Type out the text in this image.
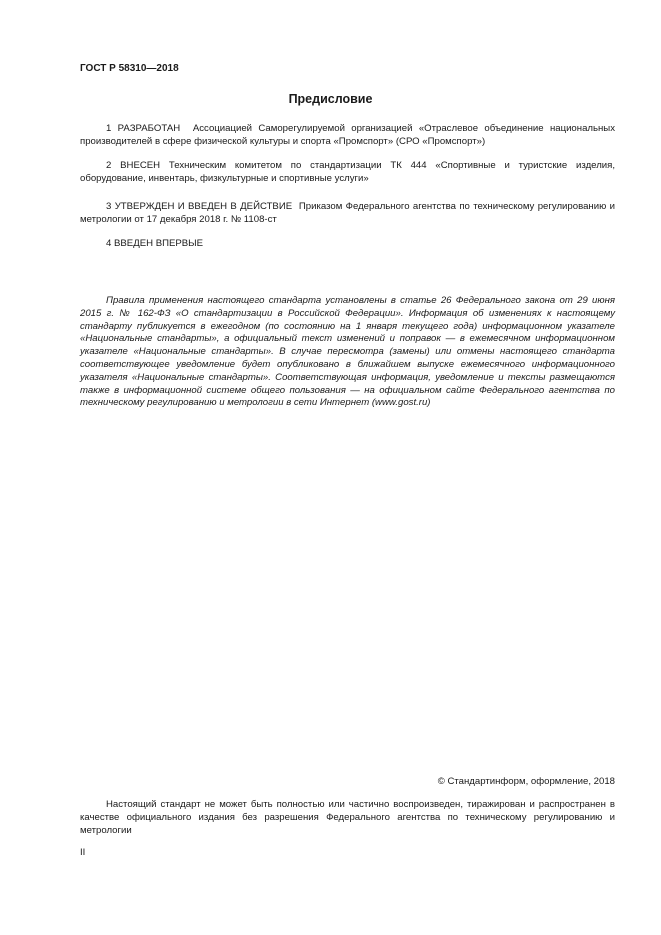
ГОСТ Р 58310—2018
Предисловие

1 РАЗРАБОТАН Ассоциацией Саморегулируемой организацией «Отраслевое объединение национальных производителей в сфере физической культуры и спорта «Промспорт» (СРО «Промспорт»)

2 ВНЕСЕН Техническим комитетом по стандартизации ТК 444 «Спортивные и туристские изделия, оборудование, инвентарь, физкультурные и спортивные услуги»

3 УТВЕРЖДЕН И ВВЕДЕН В ДЕЙСТВИЕ Приказом Федерального агентства по техническому регулированию и метрологии от 17 декабря 2018 г. № 1108-ст

4 ВВЕДЕН ВПЕРВЫЕ

Правила применения настоящего стандарта установлены в статье 26 Федерального закона от 29 июня 2015 г. № 162-ФЗ «О стандартизации в Российской Федерации». Информация об изменениях к настоящему стандарту публикуется в ежегодном (по состоянию на 1 января текущего года) информационном указателе «Национальные стандарты», а официальный текст изменений и поправок — в ежемесячном информационном указателе «Национальные стандарты». В случае пересмотра (замены) или отмены настоящего стандарта соответствующее уведомление будет опубликовано в ближайшем выпуске ежемесячного информационного указателя «Национальные стандарты». Соответствующая информация, уведомление и тексты размещаются также в информационной системе общего пользования — на официальном сайте Федерального агентства по техническому регулированию и метрологии в сети Интернет (www.gost.ru)

© Стандартинформ, оформление, 2018

Настоящий стандарт не может быть полностью или частично воспроизведен, тиражирован и распространен в качестве официального издания без разрешения Федерального агентства по техническому регулированию и метрологии

II
